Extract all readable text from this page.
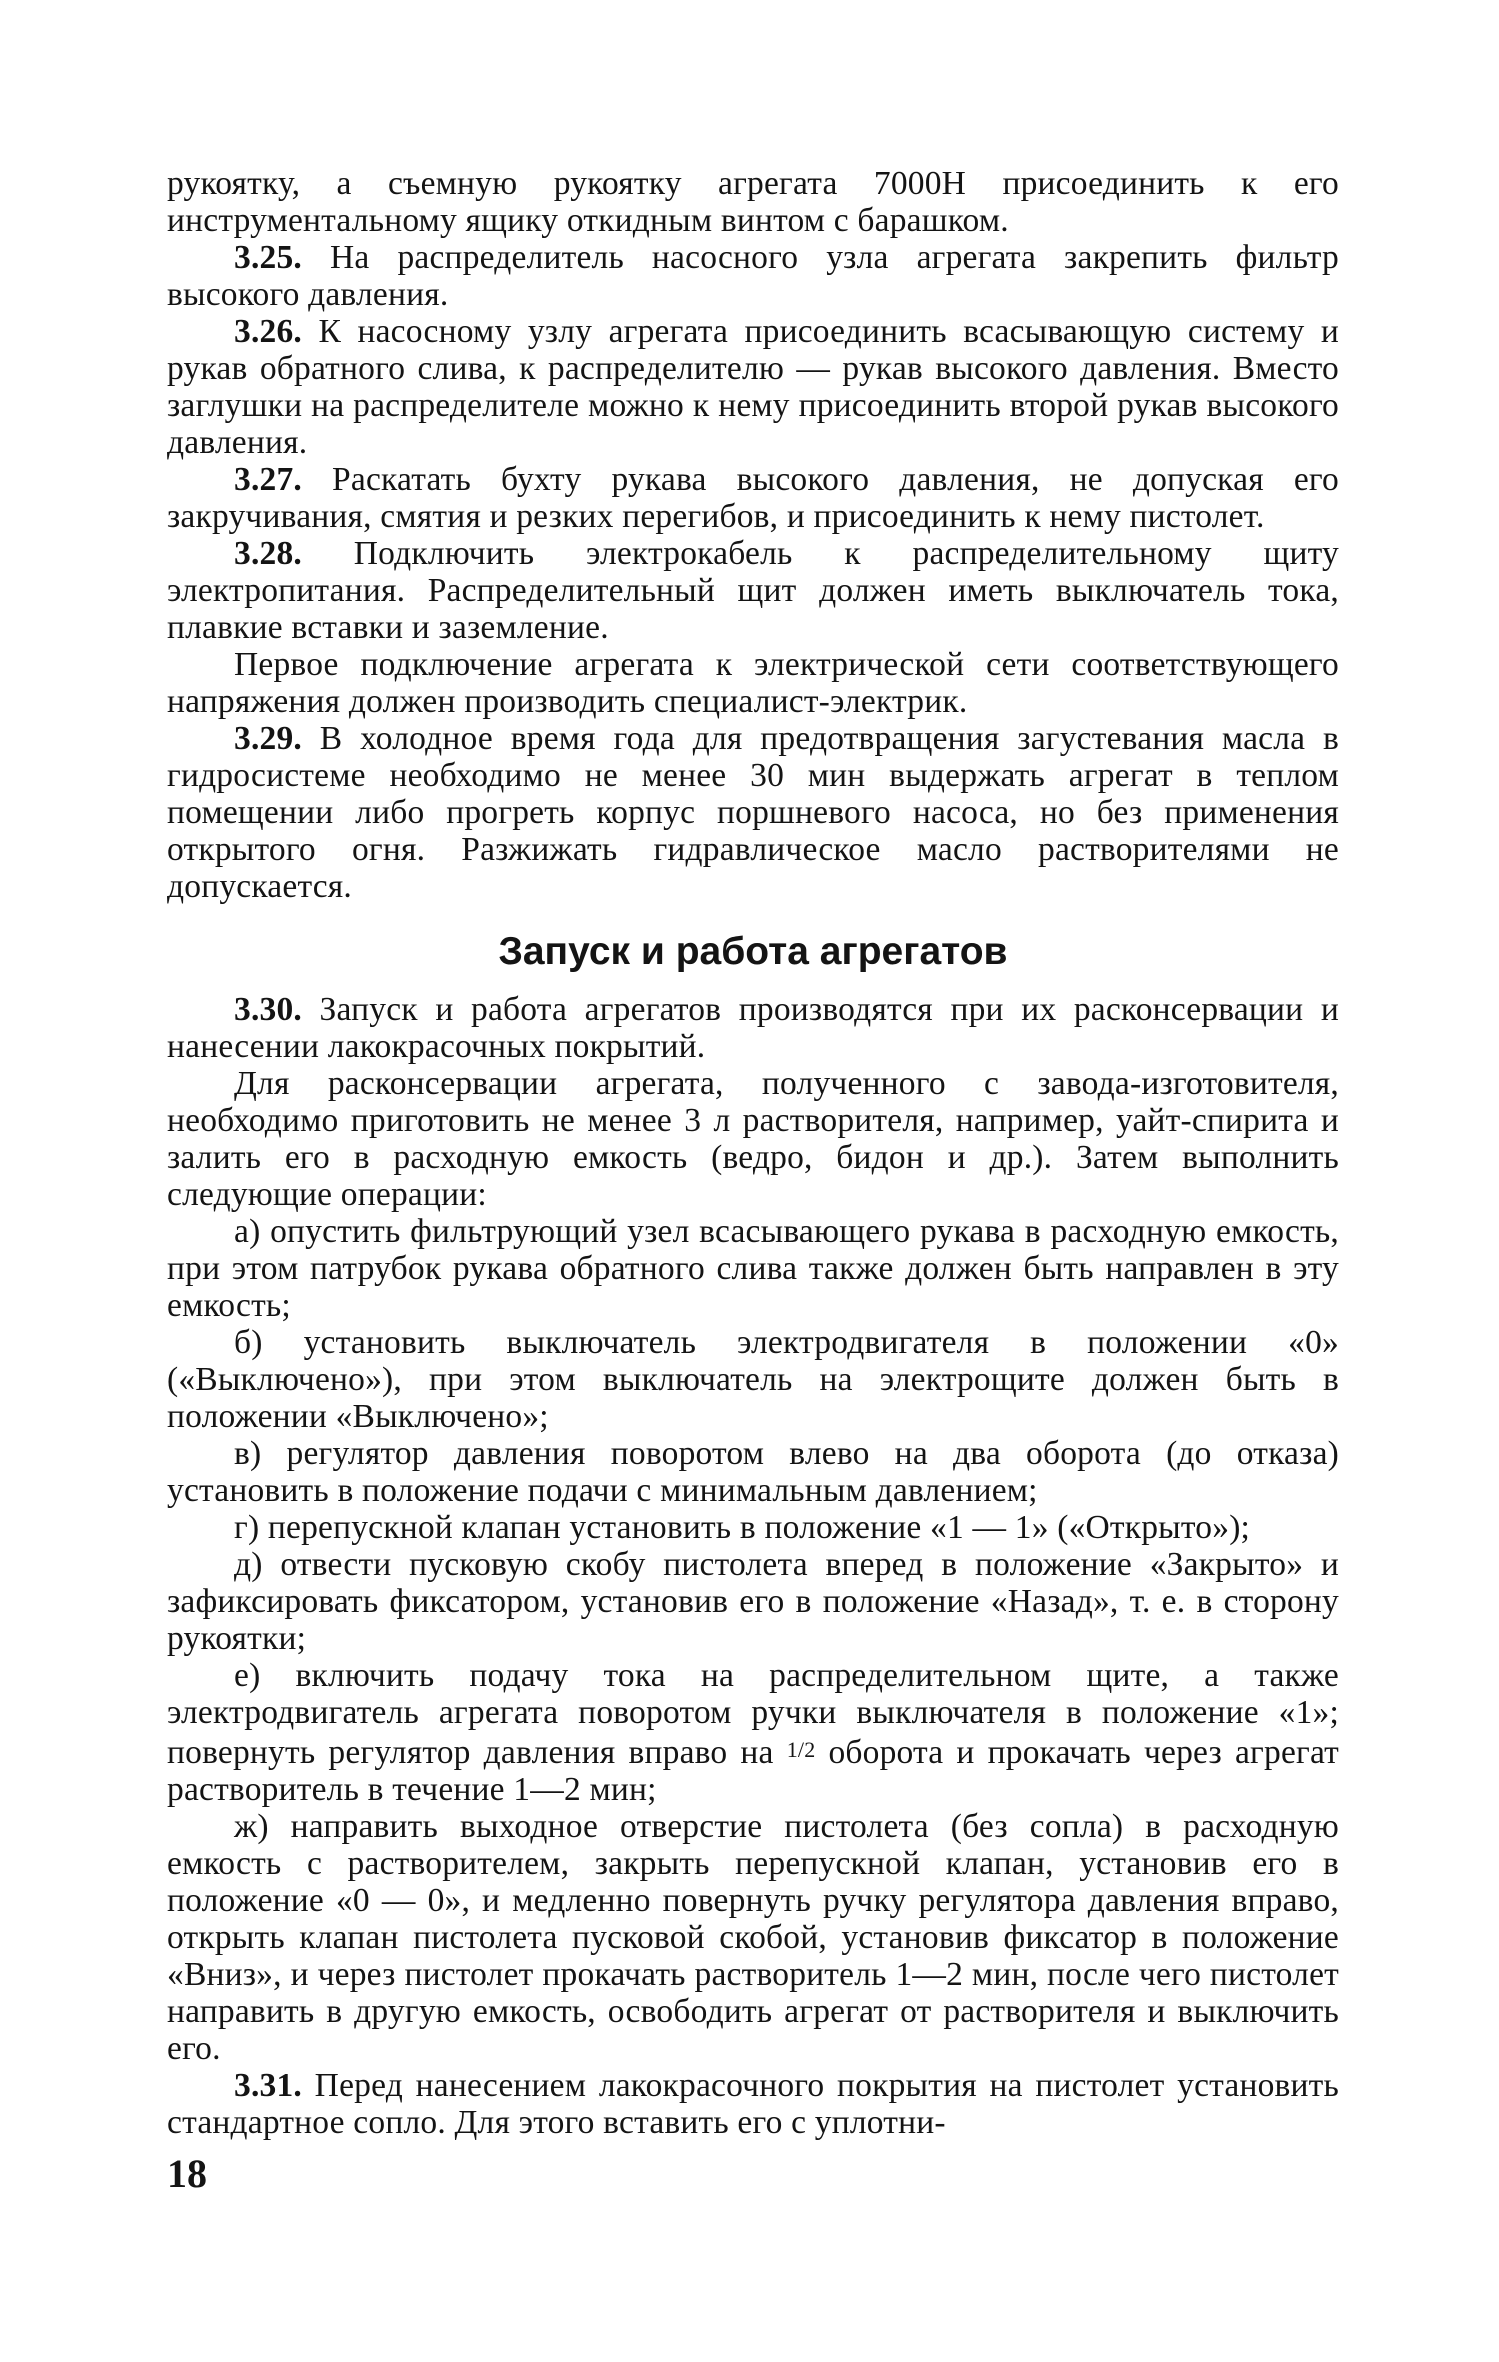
рукоятку, а съемную рукоятку агрегата 7000Н присоединить к его инструментальному ящику откидным винтом с барашком.

3.25. На распределитель насосного узла агрегата закрепить фильтр высокого давления.

3.26. К насосному узлу агрегата присоединить всасывающую систему и рукав обратного слива, к распределителю — рукав высокого давления. Вместо заглушки на распределителе можно к нему присоединить второй рукав высокого давления.

3.27. Раскатать бухту рукава высокого давления, не допуская его закручивания, смятия и резких перегибов, и присоединить к нему пистолет.

3.28. Подключить электрокабель к распределительному щиту электропитания. Распределительный щит должен иметь выключатель тока, плавкие вставки и заземление.

Первое подключение агрегата к электрической сети соответствующего напряжения должен производить специалист-электрик.

3.29. В холодное время года для предотвращения загустевания масла в гидросистеме необходимо не менее 30 мин выдержать агрегат в теплом помещении либо прогреть корпус поршневого насоса, но без применения открытого огня. Разжижать гидравлическое масло растворителями не допускается.

Запуск и работа агрегатов

3.30. Запуск и работа агрегатов производятся при их расконсервации и нанесении лакокрасочных покрытий.

Для расконсервации агрегата, полученного с завода-изготовителя, необходимо приготовить не менее 3 л растворителя, например, уайт-спирита и залить его в расходную емкость (ведро, бидон и др.). Затем выполнить следующие операции:

а) опустить фильтрующий узел всасывающего рукава в расходную емкость, при этом патрубок рукава обратного слива также должен быть направлен в эту емкость;

б) установить выключатель электродвигателя в положении «0» («Выключено»), при этом выключатель на электрощите должен быть в положении «Выключено»;

в) регулятор давления поворотом влево на два оборота (до отказа) установить в положение подачи с минимальным давлением;

г) перепускной клапан установить в положение «1 — 1» («Открыто»);

д) отвести пусковую скобу пистолета вперед в положение «Закрыто» и зафиксировать фиксатором, установив его в положение «Назад», т. е. в сторону рукоятки;

е) включить подачу тока на распределительном щите, а также электродвигатель агрегата поворотом ручки выключателя в положение «1»; повернуть регулятор давления вправо на 1/2 оборота и прокачать через агрегат растворитель в течение 1—2 мин;

ж) направить выходное отверстие пистолета (без сопла) в расходную емкость с растворителем, закрыть перепускной клапан, установив его в положение «0 — 0», и медленно повернуть ручку регулятора давления вправо, открыть клапан пистолета пусковой скобой, установив фиксатор в положение «Вниз», и через пистолет прокачать растворитель 1—2 мин, после чего пистолет направить в другую емкость, освободить агрегат от растворителя и выключить его.

3.31. Перед нанесением лакокрасочного покрытия на пистолет установить стандартное сопло. Для этого вставить его с уплотни-

18
